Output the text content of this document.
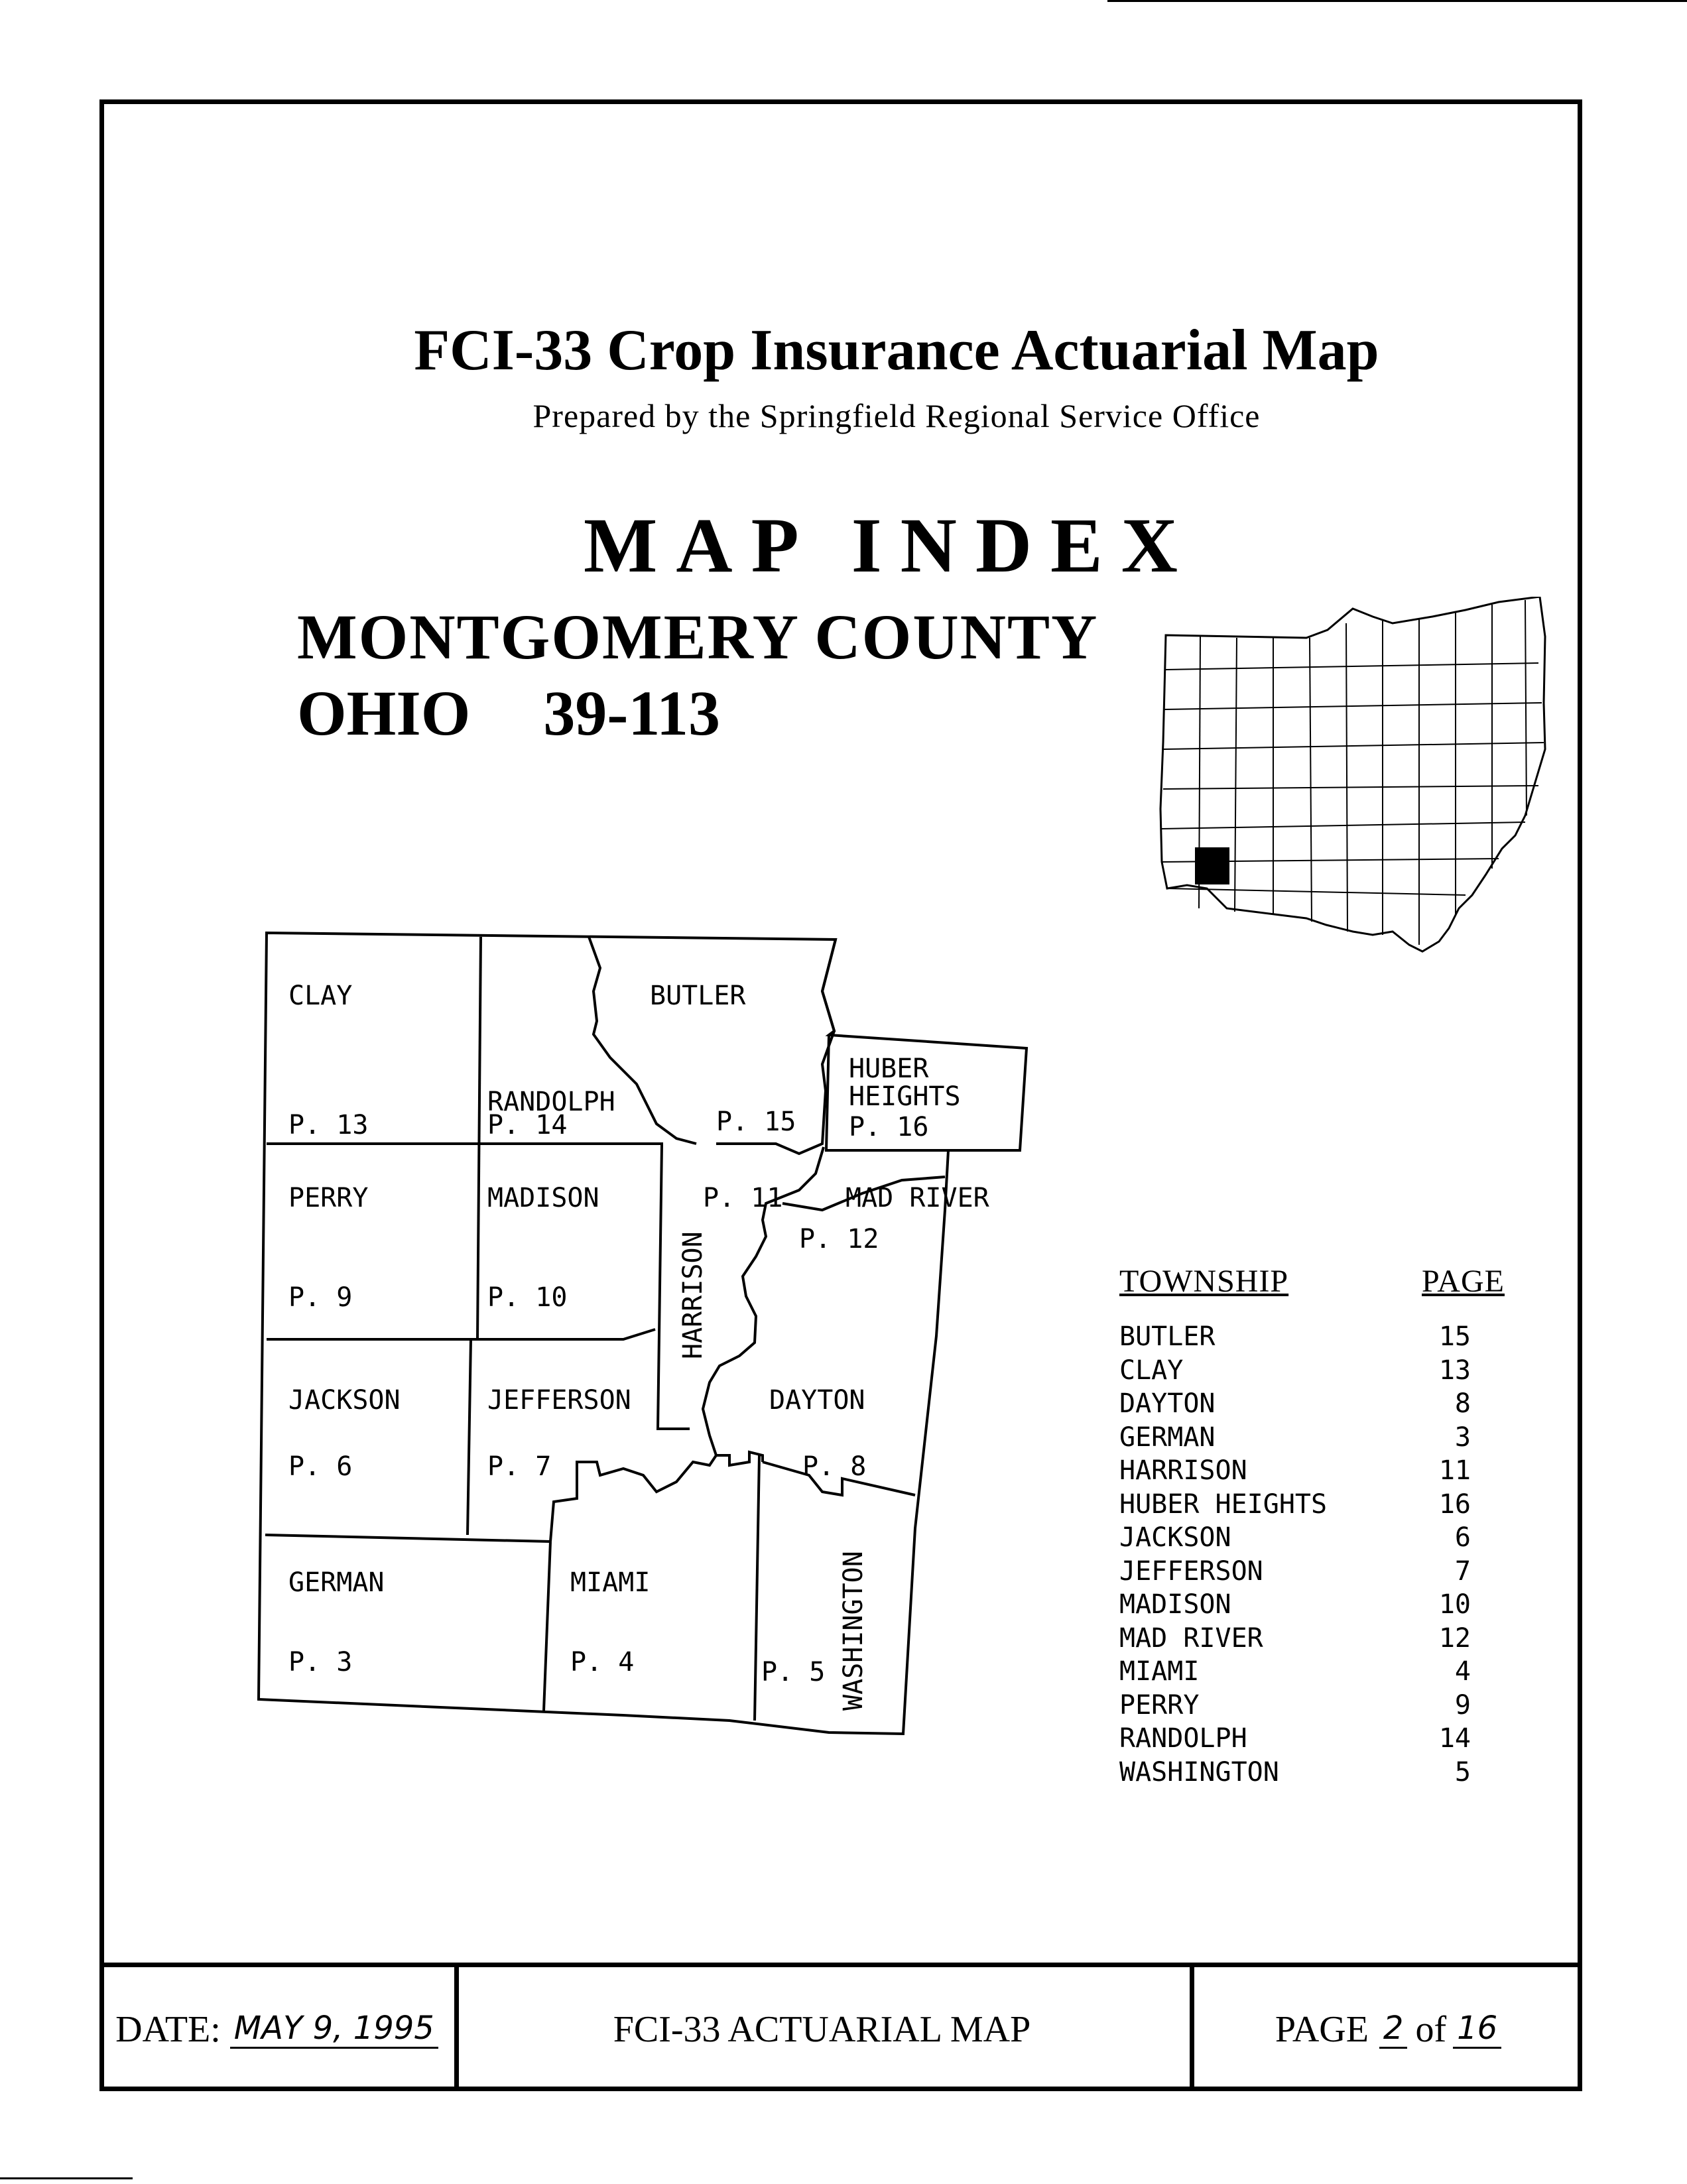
FCI-33 Crop Insurance Actuarial Map
Prepared by the Springfield Regional Service Office
MAP INDEX
MONTGOMERY COUNTY
OHIO 39-113
CLAY
P. 13
RANDOLPH
P. 14
BUTLER
P. 15
HUBER
HEIGHTS
P. 16
PERRY
P. 9
MADISON
P. 10
P. 11
HARRISON
MAD RIVER
P. 12
JACKSON
P. 6
JEFFERSON
P. 7
DAYTON
P. 8
GERMAN
P. 3
MIAMI
P. 4	P. 5 WASHINGTON
TOWNSHIP	PAGE
BUTLER	15
CLAY	13
DAYTON	8
GERMAN	3
HARRISON	11
HUBER HEIGHTS	16
JACKSON	6
JEFFERSON	7
MADISON	10
MAD RIVER	12
MIAMI	4
PERRY	9
RANDOLPH	14
WASHINGTON	5
DATE: MAY 9, 1995	FCI-33 ACTUARIAL MAP	PAGE 2 of 16
